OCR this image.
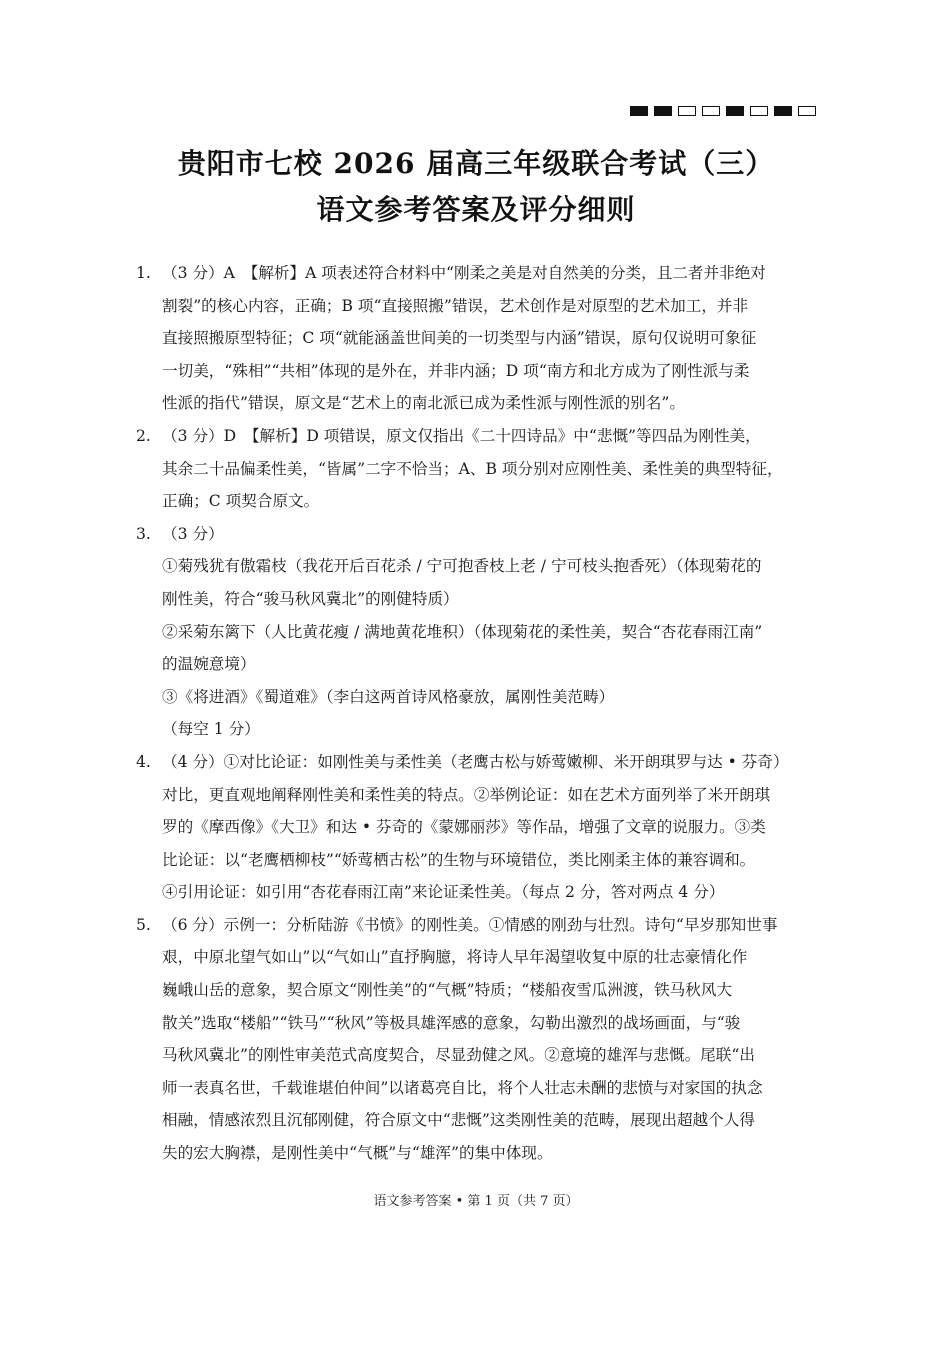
贵阳市七校 2026 届高三年级联合考试（三）
语文参考答案及评分细则
1. （3 分）A　【解析】A 项表述符合材料中“刚柔之美是对自然美的分类，且二者并非绝对
割裂”的核心内容，正确；B 项“直接照搬”错误，艺术创作是对原型的艺术加工，并非
直接照搬原型特征；C 项“就能涵盖世间美的一切类型与内涵”错误，原句仅说明可象征
一切美，“殊相”“共相”体现的是外在，并非内涵；D 项“南方和北方成为了刚性派与柔
性派的指代”错误，原文是“艺术上的南北派已成为柔性派与刚性派的别名”。
2. （3 分）D　【解析】D 项错误，原文仅指出《二十四诗品》中“悲慨”等四品为刚性美，
其余二十品偏柔性美，“皆属”二字不恰当；A、B 项分别对应刚性美、柔性美的典型特征，
正确；C 项契合原文。
3. （3 分）
①菊残犹有傲霜枝（我花开后百花杀 / 宁可抱香枝上老 / 宁可枝头抱香死）（体现菊花的
刚性美，符合“骏马秋风冀北”的刚健特质）
②采菊东篱下（人比黄花瘦 / 满地黄花堆积）（体现菊花的柔性美，契合“杏花春雨江南”
的温婉意境）
③《将进酒》《蜀道难》（李白这两首诗风格豪放，属刚性美范畴）
（每空 1 分）
4. （4 分）①对比论证：如刚性美与柔性美（老鹰古松与娇莺嫩柳、米开朗琪罗与达 • 芬奇）
对比，更直观地阐释刚性美和柔性美的特点。②举例论证：如在艺术方面列举了米开朗琪
罗的《摩西像》《大卫》和达 • 芬奇的《蒙娜丽莎》等作品，增强了文章的说服力。③类
比论证：以“老鹰栖柳枝”“娇莺栖古松”的生物与环境错位，类比刚柔主体的兼容调和。
④引用论证：如引用“杏花春雨江南”来论证柔性美。（每点 2 分，答对两点 4 分）
5. （6 分）示例一：分析陆游《书愤》的刚性美。①情感的刚劲与壮烈。诗句“早岁那知世事
艰，中原北望气如山”以“气如山”直抒胸臆，将诗人早年渴望收复中原的壮志豪情化作
巍峨山岳的意象，契合原文“刚性美”的“气概”特质；“楼船夜雪瓜洲渡，铁马秋风大
散关”选取“楼船”“铁马”“秋风”等极具雄浑感的意象，勾勒出激烈的战场画面，与“骏
马秋风冀北”的刚性审美范式高度契合，尽显劲健之风。②意境的雄浑与悲慨。尾联“出
师一表真名世，千载谁堪伯仲间”以诸葛亮自比，将个人壮志未酬的悲愤与对家国的执念
相融，情感浓烈且沉郁刚健，符合原文中“悲慨”这类刚性美的范畴，展现出超越个人得
失的宏大胸襟，是刚性美中“气概”与“雄浑”的集中体现。
语文参考答案 • 第 1 页（共 7 页）
